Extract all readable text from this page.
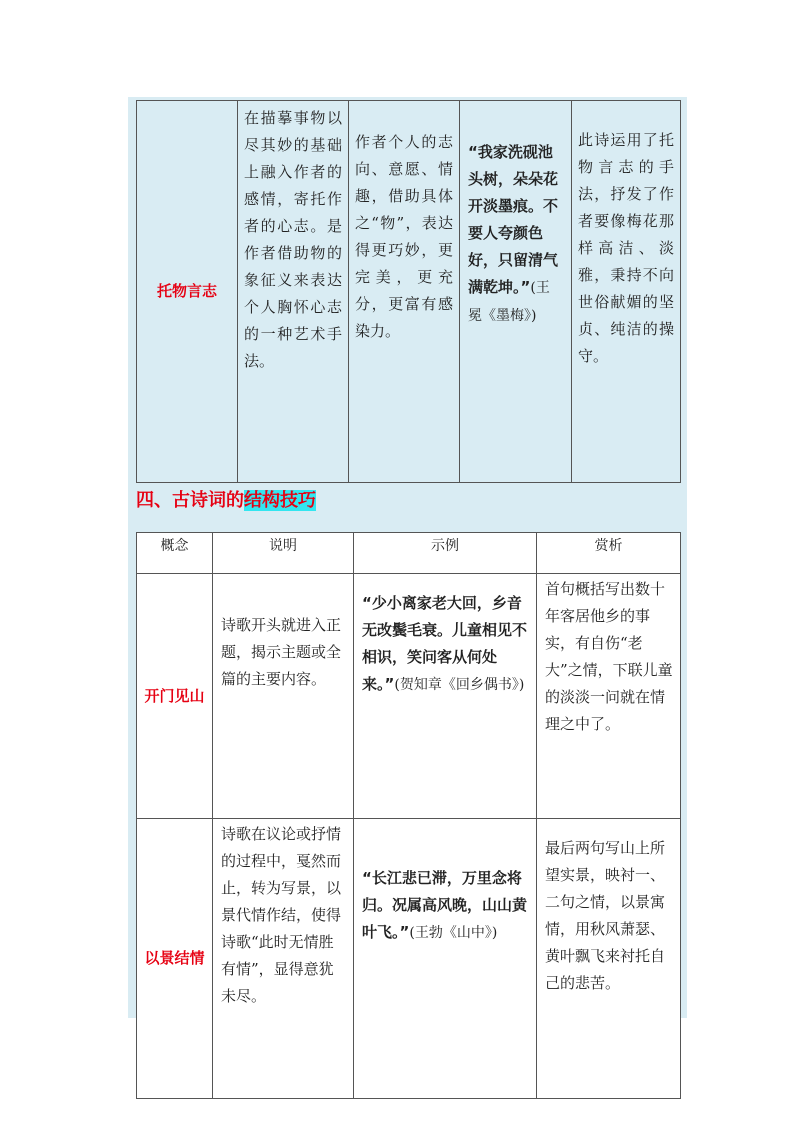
托物言志	在描摹事物以尽其妙的基础上融入作者的感情，寄托作者的心志。是作者借助物的象征义来表达个人胸怀心志的一种艺术手法。	作者个人的志向、意愿、情趣，借助具体之“物”，表达得更巧妙，更完美，更充分，更富有感染力。	“我家洗砚池头树，朵朵花开淡墨痕。不要人夸颜色好，只留清气满乾坤。”(王冕《墨梅》)	此诗运用了托物言志的手法，抒发了作者要像梅花那样高洁、淡雅，秉持不向世俗献媚的坚贞、纯洁的操守。
四、古诗词的结构技巧
概念	说明	示例	赏析
开门见山	诗歌开头就进入正题，揭示主题或全篇的主要内容。	“少小离家老大回，乡音无改鬓毛衰。儿童相见不相识，笑问客从何处来。”(贺知章《回乡偶书》)	首句概括写出数十年客居他乡的事实，有自伤“老大”之情，下联儿童的淡淡一问就在情理之中了。
以景结情	诗歌在议论或抒情的过程中，戛然而止，转为写景，以景代情作结，使得诗歌“此时无情胜有情”，显得意犹未尽。	“长江悲已滞，万里念将归。况属高风晚，山山黄叶飞。”(王勃《山中》)	最后两句写山上所望实景，映衬一、二句之情，以景寓情，用秋风萧瑟、黄叶飘飞来衬托自己的悲苦。
